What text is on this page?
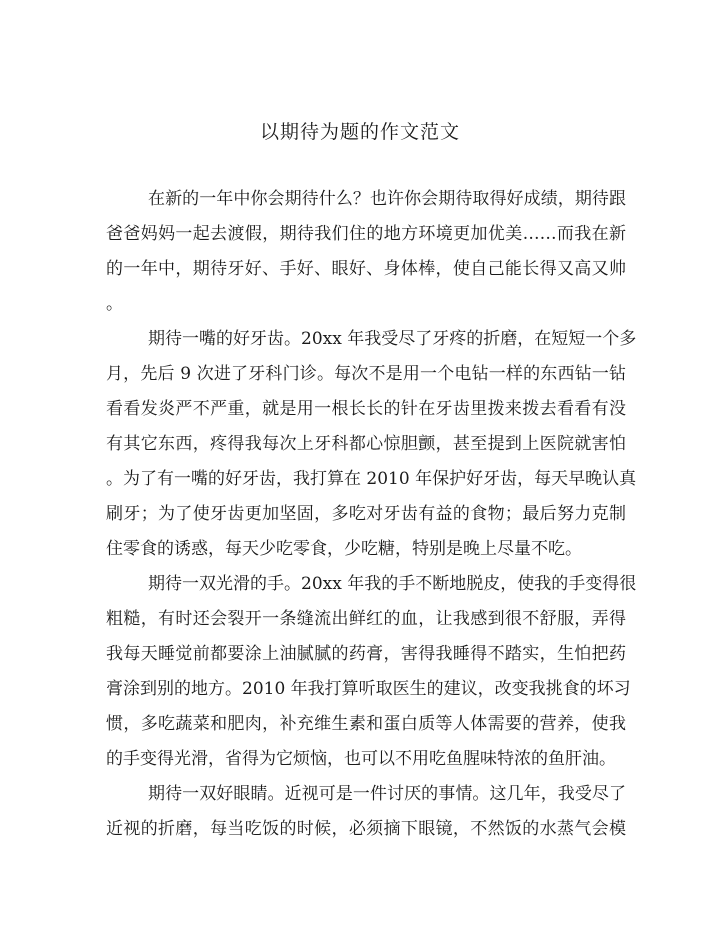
以期待为题的作文范文
在新的一年中你会期待什么？也许你会期待取得好成绩，期待跟
爸爸妈妈一起去渡假，期待我们住的地方环境更加优美……而我在新
的一年中，期待牙好、手好、眼好、身体棒，使自己能长得又高又帅
。
期待一嘴的好牙齿。20xx 年我受尽了牙疼的折磨，在短短一个多
月，先后 9 次进了牙科门诊。每次不是用一个电钻一样的东西钻一钻
看看发炎严不严重，就是用一根长长的针在牙齿里拨来拨去看看有没
有其它东西，疼得我每次上牙科都心惊胆颤，甚至提到上医院就害怕
。为了有一嘴的好牙齿，我打算在 2010 年保护好牙齿，每天早晚认真
刷牙；为了使牙齿更加坚固，多吃对牙齿有益的食物；最后努力克制
住零食的诱惑，每天少吃零食，少吃糖，特别是晚上尽量不吃。
期待一双光滑的手。20xx 年我的手不断地脱皮，使我的手变得很
粗糙，有时还会裂开一条缝流出鲜红的血，让我感到很不舒服，弄得
我每天睡觉前都要涂上油腻腻的药膏，害得我睡得不踏实，生怕把药
膏涂到别的地方。2010 年我打算听取医生的建议，改变我挑食的坏习
惯，多吃蔬菜和肥肉，补充维生素和蛋白质等人体需要的营养，使我
的手变得光滑，省得为它烦恼，也可以不用吃鱼腥味特浓的鱼肝油。
期待一双好眼睛。近视可是一件讨厌的事情。这几年，我受尽了
近视的折磨，每当吃饭的时候，必须摘下眼镜，不然饭的水蒸气会模
